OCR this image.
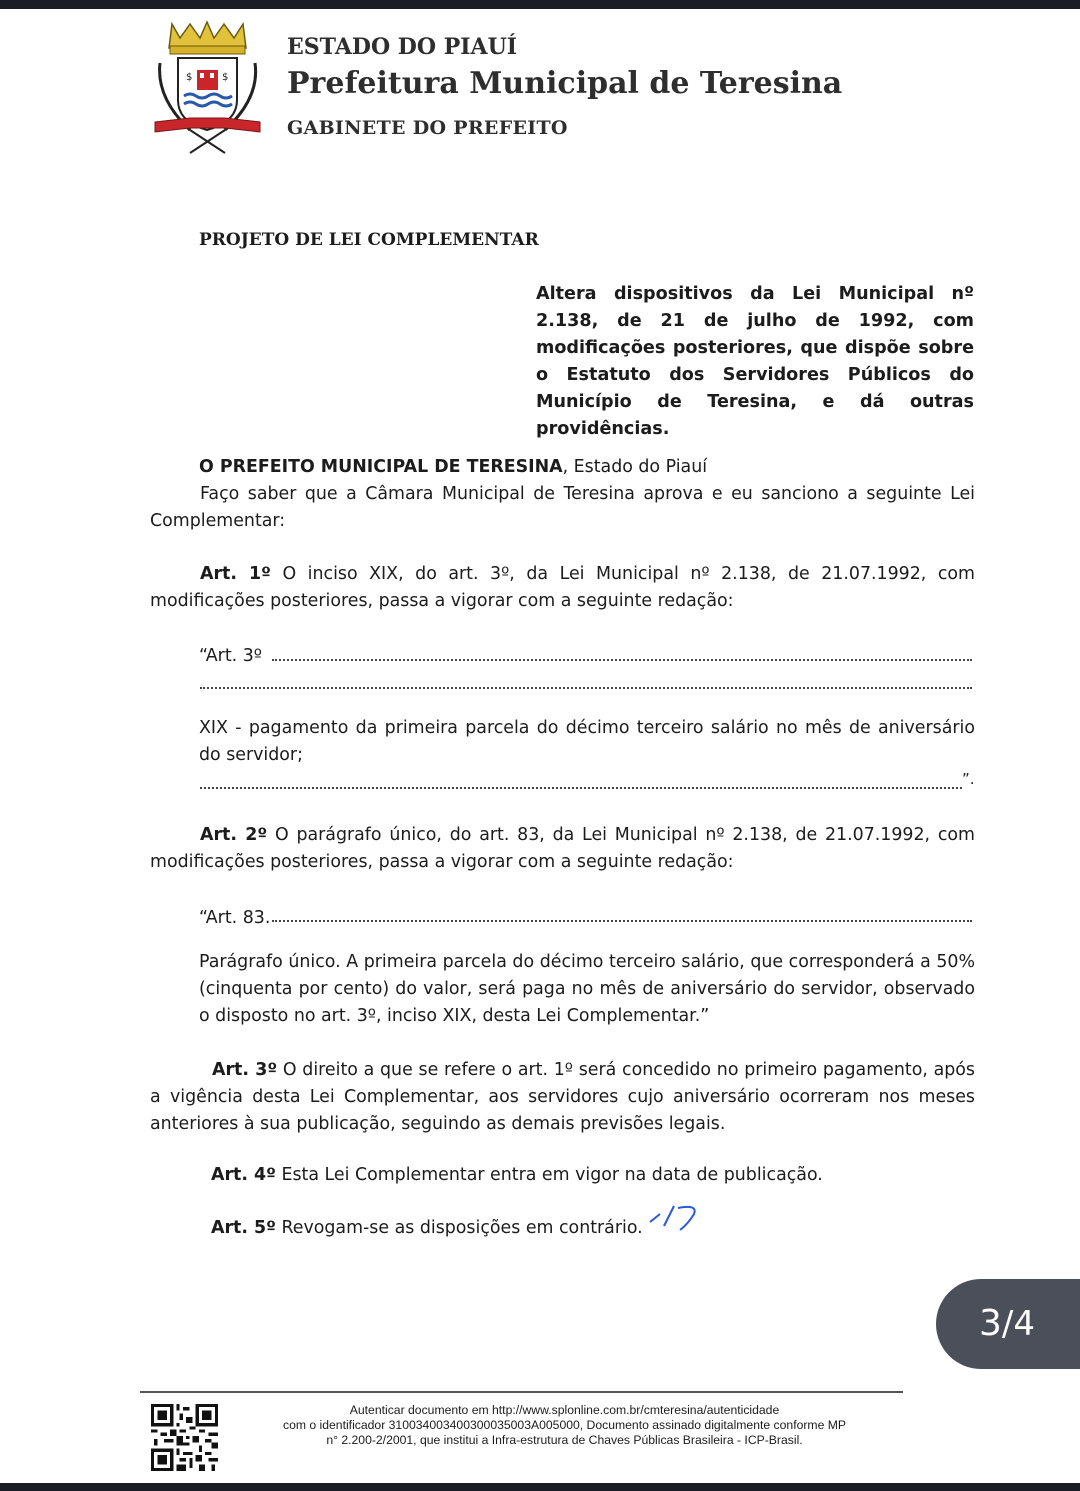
$	$

ESTADO DO PIAUÍ

Prefeitura Municipal de Teresina

GABINETE DO PREFEITO

PROJETO DE LEI COMPLEMENTAR

Altera dispositivos da Lei Municipal nº 2.138, de 21 de julho de 1992, com modificações posteriores, que dispõe sobre o Estatuto dos Servidores Públicos do Município de Teresina, e dá outras providências.

O PREFEITO MUNICIPAL DE TERESINA, Estado do Piauí

Faço saber que a Câmara Municipal de Teresina aprova e eu sanciono a seguinte Lei Complementar:

Art. 1º O inciso XIX, do art. 3º, da Lei Municipal nº 2.138, de 21.07.1992, com modificações posteriores, passa a vigorar com a seguinte redação:

“Art. 3º

XIX - pagamento da primeira parcela do décimo terceiro salário no mês de aniversário do servidor;

”.

Art. 2º O parágrafo único, do art. 83, da Lei Municipal nº 2.138, de 21.07.1992, com modificações posteriores, passa a vigorar com a seguinte redação:

“Art. 83.

Parágrafo único. A primeira parcela do décimo terceiro salário, que corresponderá a 50% (cinquenta por cento) do valor, será paga no mês de aniversário do servidor, observado o disposto no art. 3º, inciso XIX, desta Lei Complementar.”

Art. 3º O direito a que se refere o art. 1º será concedido no primeiro pagamento, após a vigência desta Lei Complementar, aos servidores cujo aniversário ocorreram nos meses anteriores à sua publicação, seguindo as demais previsões legais.

Art. 4º Esta Lei Complementar entra em vigor na data de publicação.

Art. 5º Revogam-se as disposições em contrário.

3/4

Autenticar documento em http://www.splonline.com.br/cmteresina/autenticidade
com o identificador 310034003400300035003A005000, Documento assinado digitalmente conforme MP
n° 2.200-2/2001, que institui a Infra-estrutura de Chaves Públicas Brasileira - ICP-Brasil.
